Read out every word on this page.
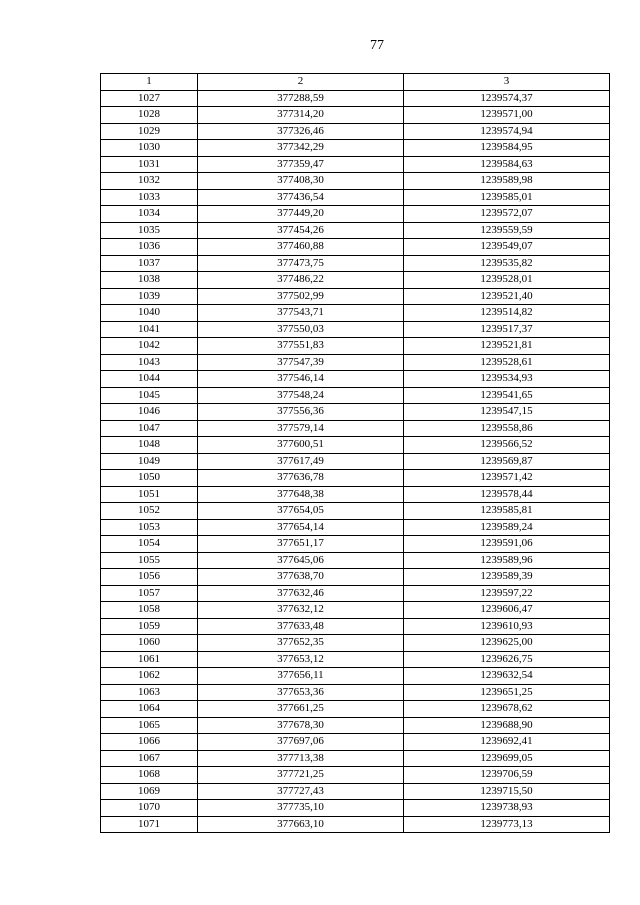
77
1	2	3
1027	377288,59	1239574,37
1028	377314,20	1239571,00
1029	377326,46	1239574,94
1030	377342,29	1239584,95
1031	377359,47	1239584,63
1032	377408,30	1239589,98
1033	377436,54	1239585,01
1034	377449,20	1239572,07
1035	377454,26	1239559,59
1036	377460,88	1239549,07
1037	377473,75	1239535,82
1038	377486,22	1239528,01
1039	377502,99	1239521,40
1040	377543,71	1239514,82
1041	377550,03	1239517,37
1042	377551,83	1239521,81
1043	377547,39	1239528,61
1044	377546,14	1239534,93
1045	377548,24	1239541,65
1046	377556,36	1239547,15
1047	377579,14	1239558,86
1048	377600,51	1239566,52
1049	377617,49	1239569,87
1050	377636,78	1239571,42
1051	377648,38	1239578,44
1052	377654,05	1239585,81
1053	377654,14	1239589,24
1054	377651,17	1239591,06
1055	377645,06	1239589,96
1056	377638,70	1239589,39
1057	377632,46	1239597,22
1058	377632,12	1239606,47
1059	377633,48	1239610,93
1060	377652,35	1239625,00
1061	377653,12	1239626,75
1062	377656,11	1239632,54
1063	377653,36	1239651,25
1064	377661,25	1239678,62
1065	377678,30	1239688,90
1066	377697,06	1239692,41
1067	377713,38	1239699,05
1068	377721,25	1239706,59
1069	377727,43	1239715,50
1070	377735,10	1239738,93
1071	377663,10	1239773,13
